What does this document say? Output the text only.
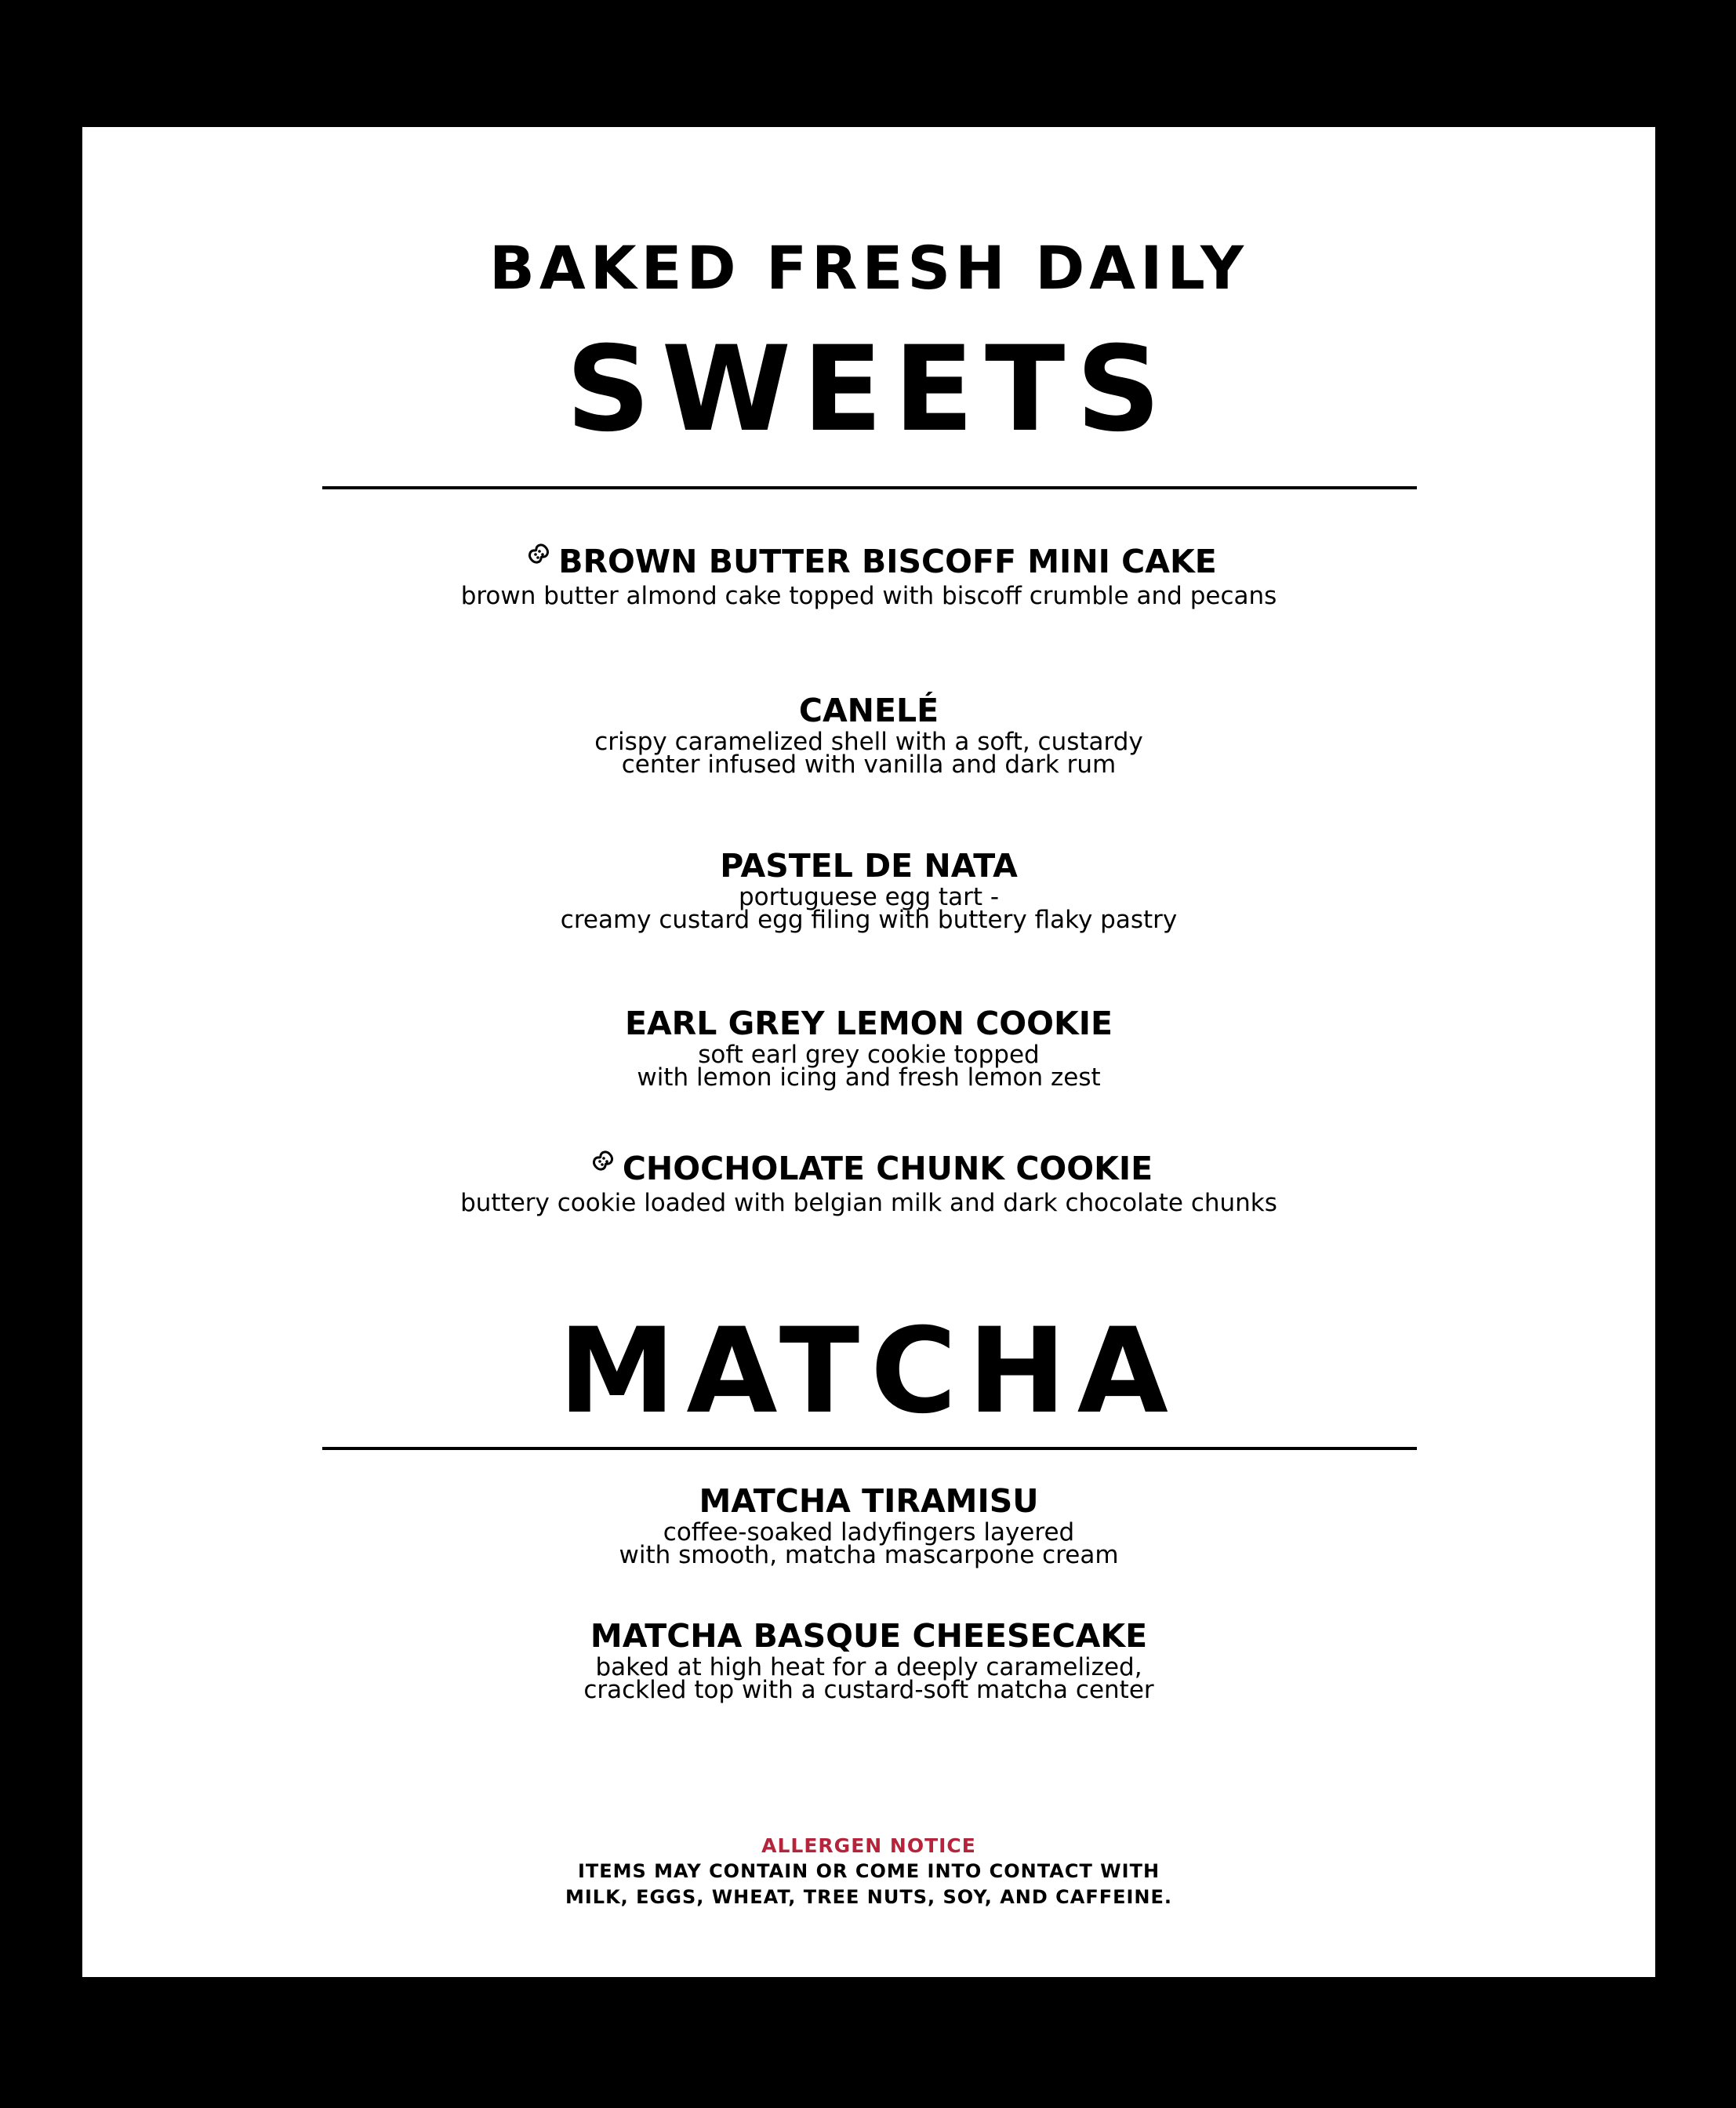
BAKED FRESH DAILY
SWEETS
BROWN BUTTER BISCOFF MINI CAKE
brown butter almond cake topped with biscoff crumble and pecans
CANELÉ
crispy caramelized shell with a soft, custardy
center infused with vanilla and dark rum
PASTEL DE NATA
portuguese egg tart -
creamy custard egg filing with buttery flaky pastry
EARL GREY LEMON COOKIE
soft earl grey cookie topped
with lemon icing and fresh lemon zest
CHOCHOLATE CHUNK COOKIE
buttery cookie loaded with belgian milk and dark chocolate chunks
MATCHA
MATCHA TIRAMISU
coffee-soaked ladyfingers layered
with smooth, matcha mascarpone cream
MATCHA BASQUE CHEESECAKE
baked at high heat for a deeply caramelized,
crackled top with a custard-soft matcha center
ALLERGEN NOTICE
ITEMS MAY CONTAIN OR COME INTO CONTACT WITH
MILK, EGGS, WHEAT, TREE NUTS, SOY, AND CAFFEINE.
